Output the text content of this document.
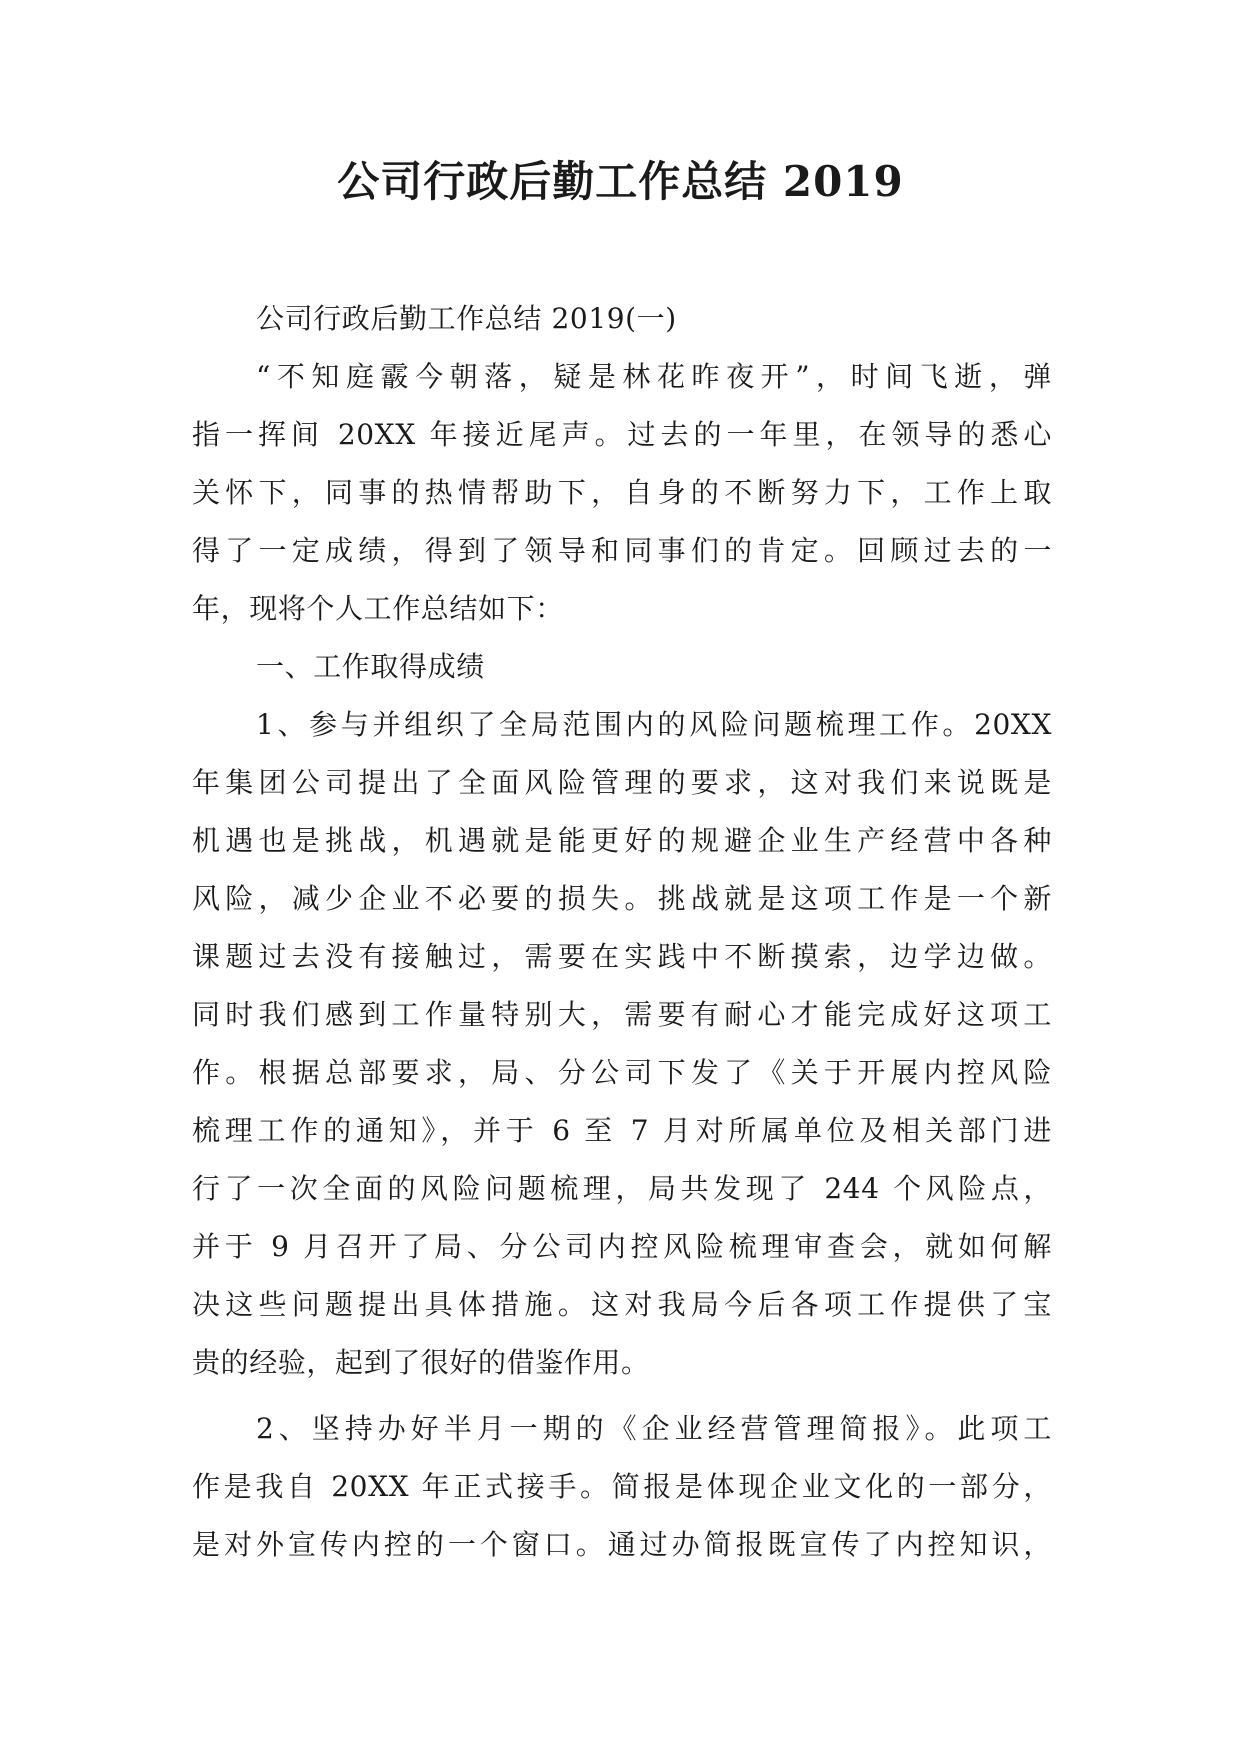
公司行政后勤工作总结 2019
公司行政后勤工作总结 2019(一)
“不知庭霰今朝落，疑是林花昨夜开”，时间飞逝，弹
指一挥间 20XX 年接近尾声。过去的一年里，在领导的悉心
关怀下，同事的热情帮助下，自身的不断努力下，工作上取
得了一定成绩，得到了领导和同事们的肯定。回顾过去的一
年，现将个人工作总结如下：
一、工作取得成绩
1、参与并组织了全局范围内的风险问题梳理工作。20XX
年集团公司提出了全面风险管理的要求，这对我们来说既是
机遇也是挑战，机遇就是能更好的规避企业生产经营中各种
风险，减少企业不必要的损失。挑战就是这项工作是一个新
课题过去没有接触过，需要在实践中不断摸索，边学边做。
同时我们感到工作量特别大，需要有耐心才能完成好这项工
作。根据总部要求，局、分公司下发了《关于开展内控风险
梳理工作的通知》，并于 6 至 7 月对所属单位及相关部门进
行了一次全面的风险问题梳理，局共发现了 244 个风险点，
并于 9 月召开了局、分公司内控风险梳理审查会，就如何解
决这些问题提出具体措施。这对我局今后各项工作提供了宝
贵的经验，起到了很好的借鉴作用。
2、坚持办好半月一期的《企业经营管理简报》。此项工
作是我自 20XX 年正式接手。简报是体现企业文化的一部分，
是对外宣传内控的一个窗口。通过办简报既宣传了内控知识，
